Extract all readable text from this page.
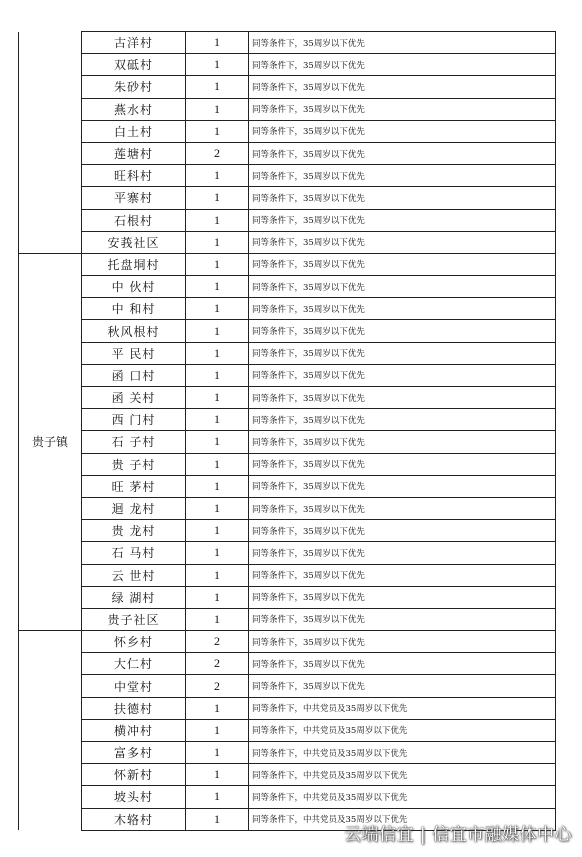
	古洋村	1	同等条件下，35周岁以下优先
	双砥村	1	同等条件下，35周岁以下优先
	朱砂村	1	同等条件下，35周岁以下优先
	燕水村	1	同等条件下，35周岁以下优先
	白土村	1	同等条件下，35周岁以下优先
	莲塘村	2	同等条件下，35周岁以下优先
	旺科村	1	同等条件下，35周岁以下优先
	平寨村	1	同等条件下，35周岁以下优先
	石根村	1	同等条件下，35周岁以下优先
	安莪社区	1	同等条件下，35周岁以下优先
贵子镇	托盘垌村	1	同等条件下，35周岁以下优先
	中 伙村	1	同等条件下，35周岁以下优先
	中 和村	1	同等条件下，35周岁以下优先
	秋风根村	1	同等条件下，35周岁以下优先
	平 民村	1	同等条件下，35周岁以下优先
	函 口村	1	同等条件下，35周岁以下优先
	函 关村	1	同等条件下，35周岁以下优先
	西 门村	1	同等条件下，35周岁以下优先
	石 子村	1	同等条件下，35周岁以下优先
	贵 子村	1	同等条件下，35周岁以下优先
	旺 茅村	1	同等条件下，35周岁以下优先
	迴 龙村	1	同等条件下，35周岁以下优先
	贵 龙村	1	同等条件下，35周岁以下优先
	石 马村	1	同等条件下，35周岁以下优先
	云 世村	1	同等条件下，35周岁以下优先
	绿 湖村	1	同等条件下，35周岁以下优先
	贵子社区	1	同等条件下，35周岁以下优先
	怀乡村	2	同等条件下，35周岁以下优先
	大仁村	2	同等条件下，35周岁以下优先
	中堂村	2	同等条件下，35周岁以下优先
	扶德村	1	同等条件下，中共党员及35周岁以下优先
	横冲村	1	同等条件下，中共党员及35周岁以下优先
	富多村	1	同等条件下，中共党员及35周岁以下优先
	怀新村	1	同等条件下，中共党员及35周岁以下优先
	坡头村	1	同等条件下，中共党员及35周岁以下优先
	木辂村	1	同等条件下，中共党员及35周岁以下优先
云端信宜 | 信宜市融媒体中心
